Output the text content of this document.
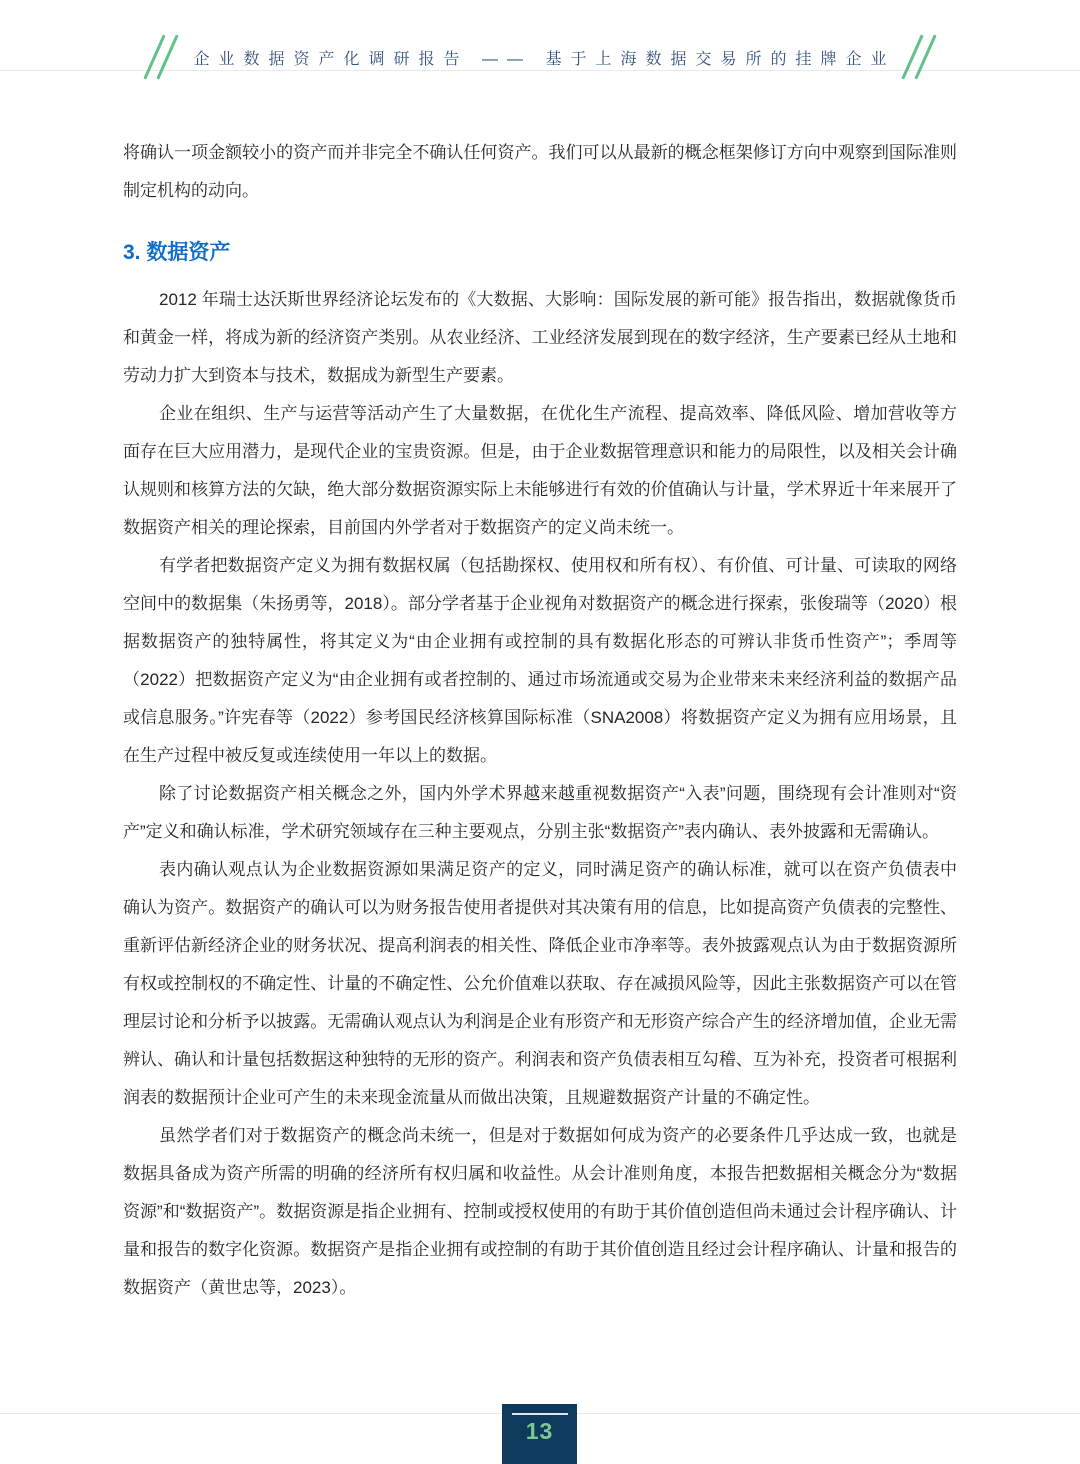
企业数据资产化调研报告 —— 基于上海数据交易所的挂牌企业

将确认一项金额较小的资产而并非完全不确认任何资产。我们可以从最新的概念框架修订方向中观察到国际准则制定机构的动向。

3. 数据资产

2012 年瑞士达沃斯世界经济论坛发布的《大数据、大影响：国际发展的新可能》报告指出，数据就像货币和黄金一样，将成为新的经济资产类别。从农业经济、工业经济发展到现在的数字经济，生产要素已经从土地和劳动力扩大到资本与技术，数据成为新型生产要素。

企业在组织、生产与运营等活动产生了大量数据，在优化生产流程、提高效率、降低风险、增加营收等方面存在巨大应用潜力，是现代企业的宝贵资源。但是，由于企业数据管理意识和能力的局限性，以及相关会计确认规则和核算方法的欠缺，绝大部分数据资源实际上未能够进行有效的价值确认与计量，学术界近十年来展开了数据资产相关的理论探索，目前国内外学者对于数据资产的定义尚未统一。

有学者把数据资产定义为拥有数据权属（包括勘探权、使用权和所有权）、有价值、可计量、可读取的网络空间中的数据集（朱扬勇等，2018）。部分学者基于企业视角对数据资产的概念进行探索，张俊瑞等（2020）根据数据资产的独特属性，将其定义为“由企业拥有或控制的具有数据化形态的可辨认非货币性资产”；季周等（2022）把数据资产定义为“由企业拥有或者控制的、通过市场流通或交易为企业带来未来经济利益的数据产品或信息服务。”许宪春等（2022）参考国民经济核算国际标准（SNA2008）将数据资产定义为拥有应用场景，且在生产过程中被反复或连续使用一年以上的数据。

除了讨论数据资产相关概念之外，国内外学术界越来越重视数据资产“入表”问题，围绕现有会计准则对“资产”定义和确认标准，学术研究领域存在三种主要观点，分别主张“数据资产”表内确认、表外披露和无需确认。

表内确认观点认为企业数据资源如果满足资产的定义，同时满足资产的确认标准，就可以在资产负债表中确认为资产。数据资产的确认可以为财务报告使用者提供对其决策有用的信息，比如提高资产负债表的完整性、重新评估新经济企业的财务状况、提高利润表的相关性、降低企业市净率等。表外披露观点认为由于数据资源所有权或控制权的不确定性、计量的不确定性、公允价值难以获取、存在减损风险等，因此主张数据资产可以在管理层讨论和分析予以披露。无需确认观点认为利润是企业有形资产和无形资产综合产生的经济增加值，企业无需辨认、确认和计量包括数据这种独特的无形的资产。利润表和资产负债表相互勾稽、互为补充，投资者可根据利润表的数据预计企业可产生的未来现金流量从而做出决策，且规避数据资产计量的不确定性。

虽然学者们对于数据资产的概念尚未统一，但是对于数据如何成为资产的必要条件几乎达成一致，也就是数据具备成为资产所需的明确的经济所有权归属和收益性。从会计准则角度，本报告把数据相关概念分为“数据资源”和“数据资产”。数据资源是指企业拥有、控制或授权使用的有助于其价值创造但尚未通过会计程序确认、计量和报告的数字化资源。数据资产是指企业拥有或控制的有助于其价值创造且经过会计程序确认、计量和报告的数据资产（黄世忠等，2023）。

13
